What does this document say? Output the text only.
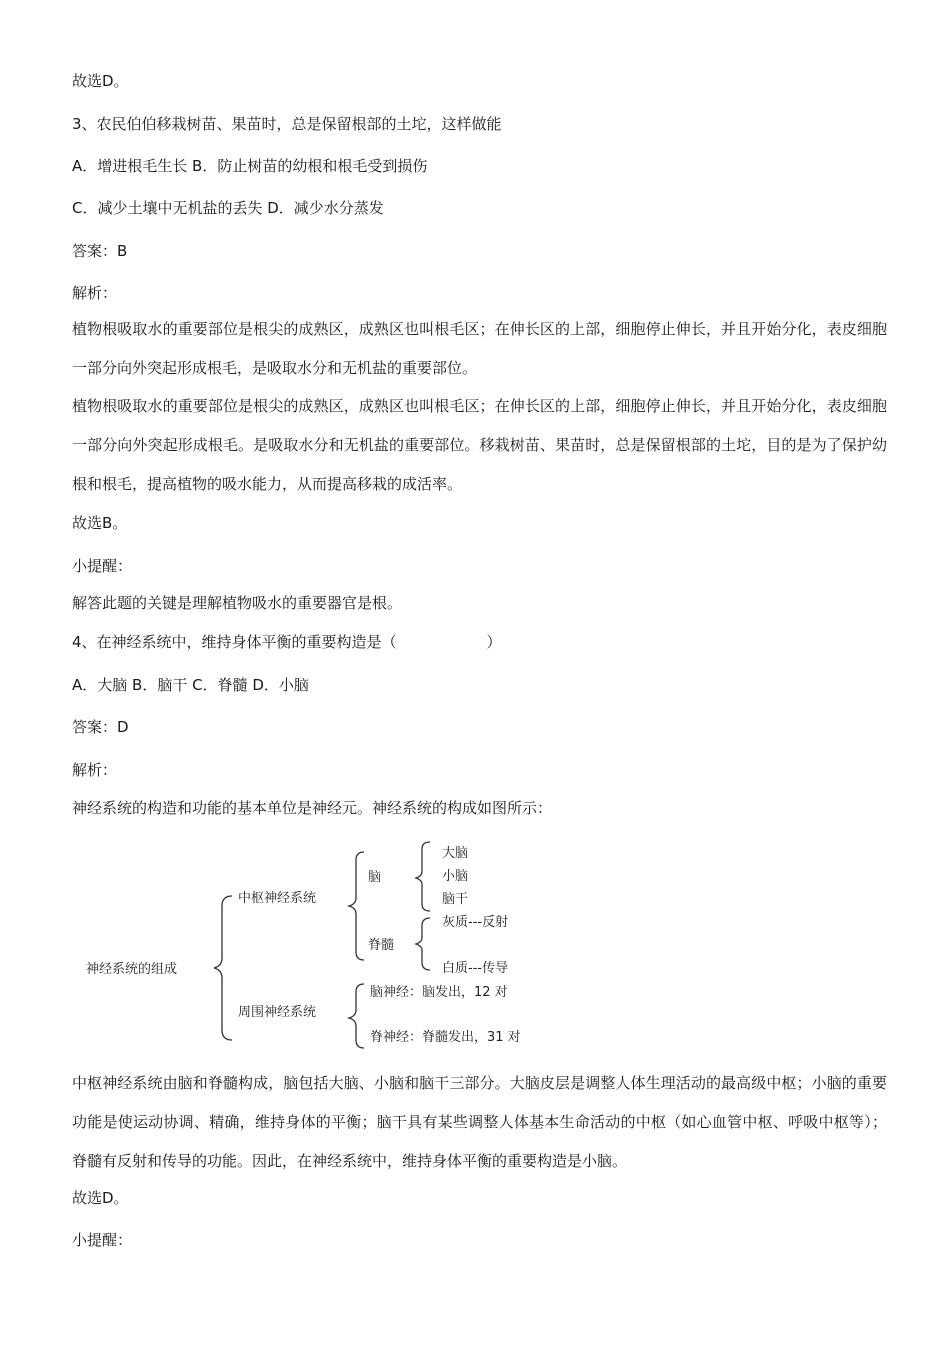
故选D。
3、农民伯伯移栽树苗、果苗时，总是保留根部的土坨，这样做能
A．增进根毛生长 B．防止树苗的幼根和根毛受到损伤
C．减少土壤中无机盐的丢失 D．减少水分蒸发
答案：B
解析：
植物根吸取水的重要部位是根尖的成熟区，成熟区也叫根毛区；在伸长区的上部，细胞停止伸长，并且开始分化，表皮细胞一部分向外突起形成根毛，是吸取水分和无机盐的重要部位。
植物根吸取水的重要部位是根尖的成熟区，成熟区也叫根毛区；在伸长区的上部，细胞停止伸长，并且开始分化，表皮细胞一部分向外突起形成根毛。是吸取水分和无机盐的重要部位。移栽树苗、果苗时，总是保留根部的土坨，目的是为了保护幼根和根毛，提高植物的吸水能力，从而提高移栽的成活率。
故选B。
小提醒：
解答此题的关键是理解植物吸水的重要器官是根。
4、在神经系统中，维持身体平衡的重要构造是（　　　　　　）
A．大脑 B．脑干 C．脊髓 D．小脑
答案：D
解析：
神经系统的构造和功能的基本单位是神经元。神经系统的构成如图所示：
神经系统的组成
中枢神经系统
周围神经系统
脑
脊髓
大脑
小脑
脑干
灰质---反射
白质---传导
脑神经：脑发出，12 对
脊神经：脊髓发出，31 对
中枢神经系统由脑和脊髓构成，脑包括大脑、小脑和脑干三部分。大脑皮层是调整人体生理活动的最高级中枢；小脑的重要功能是使运动协调、精确，维持身体的平衡；脑干具有某些调整人体基本生命活动的中枢（如心血管中枢、呼吸中枢等）；脊髓有反射和传导的功能。因此，在神经系统中，维持身体平衡的重要构造是小脑。
故选D。
小提醒：
